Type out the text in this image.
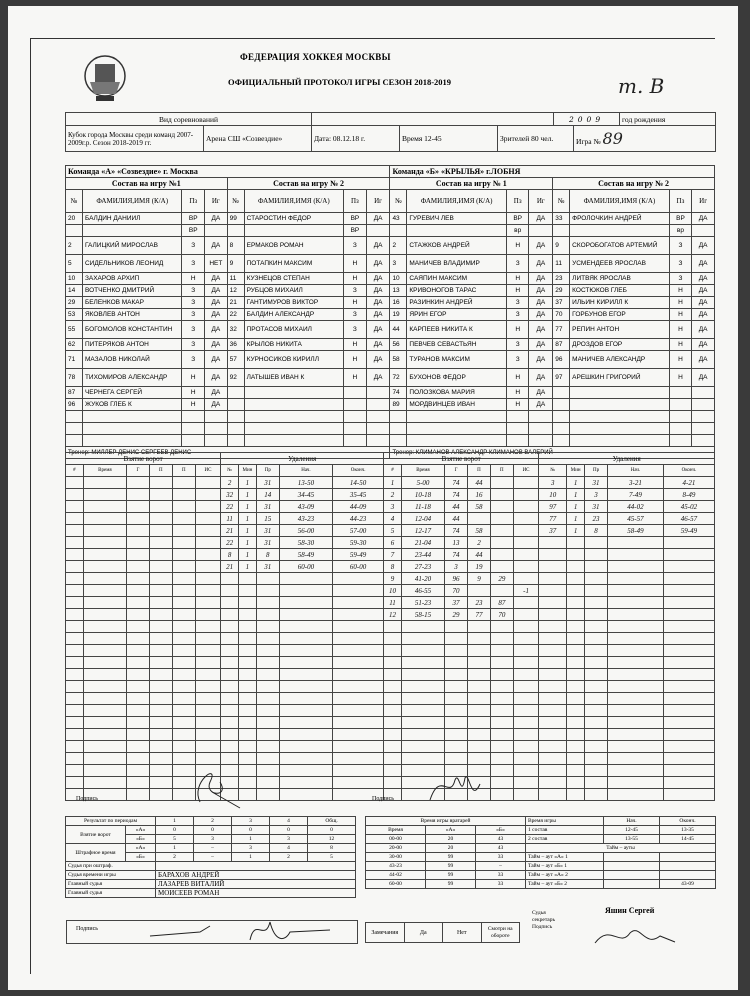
ФЕДЕРАЦИЯ ХОККЕЯ МОСКВЫ
ОФИЦИАЛЬНЫЙ ПРОТОКОЛ ИГРЫ СЕЗОН 2018-2019	т. В
Вид соревнований					2009		год рождения
Кубок города Москвы среди команд 2007-2009г.р. Сезон 2018-2019 гг.	Арена СШ «Созвездие»	Дата: 08.12.18 г.	Время 12-45	Зрителей 80 чел.		Игра № 89	
Команда «А» «Созвездие» г. Москва								Команда «Б» «КРЫЛЬЯ» г.ЛОБНЯ							
Состав на игру №1				Состав на игру № 2				Состав на игру № 1				Состав на игру № 2			
№	ФАМИЛИЯ,ИМЯ (К/А)	Пз	Иг	№	ФАМИЛИЯ,ИМЯ (К/А)	Пз	Иг	№	ФАМИЛИЯ,ИМЯ (К/А)	Пз	Иг	№	ФАМИЛИЯ,ИМЯ (К/А)	Пз	Иг
20	БАЛДИН ДАНИИЛ	ВР	ДА	99	СТАРОСТИН ФЕДОР	ВР	ДА	43	ГУРЕВИЧ ЛЕВ	ВР	ДА	33	ФРОЛОЧКИН АНДРЕЙ	ВР	ДА
		ВР				ВР				вр				вр	
2	ГАЛИЦКИЙ МИРОСЛАВ	З	ДА	8	ЕРМАКОВ РОМАН	З	ДА	2	СТАЖКОВ АНДРЕЙ	Н	ДА	9	СКОРОБОГАТОВ АРТЕМИЙ	З	ДА
5	СИДЕЛЬНИКОВ ЛЕОНИД	З	НЕТ	9	ПОТАПКИН МАКСИМ	Н	ДА	3	МАНИЧЕВ ВЛАДИМИР	З	ДА	11	УСМЕНДЕЕВ ЯРОСЛАВ	З	ДА
10	ЗАХАРОВ АРХИП	Н	ДА	11	КУЗНЕЦОВ СТЕПАН	Н	ДА	10	САЯПИН МАКСИМ	Н	ДА	23	ЛИТВЯК ЯРОСЛАВ	З	ДА
14	ВОТЧЕНКО ДМИТРИЙ	З	ДА	12	РУБЦОВ МИХАИЛ	З	ДА	13	КРИВОНОГОВ ТАРАС	Н	ДА	29	КОСТЮКОВ ГЛЕБ	Н	ДА
29	БЕЛЕНКОВ МАКАР	З	ДА	21	ГАНТИМУРОВ ВИКТОР	Н	ДА	16	РАЗИНКИН АНДРЕЙ	З	ДА	37	ИЛЬИН КИРИЛЛ К	Н	ДА
53	ЯКОВЛЕВ АНТОН	З	ДА	22	БАЛДИН АЛЕКСАНДР	З	ДА	19	ЯРИН ЕГОР	З	ДА	70	ГОРБУНОВ ЕГОР	Н	ДА
55	БОГОМОЛОВ КОНСТАНТИН	З	ДА	32	ПРОТАСОВ МИХАИЛ	З	ДА	44	КАРПЕЕВ НИКИТА К	Н	ДА	77	РЕПИН АНТОН	Н	ДА
62	ПИТЕРЯКОВ АНТОН	З	ДА	36	КРЫЛОВ НИКИТА	Н	ДА	56	ПЕВЧЕВ СЕВАСТЬЯН	З	ДА	87	ДРОЗДОВ ЕГОР	Н	ДА
71	МАЗАЛОВ НИКОЛАЙ	З	ДА	57	КУРНОСИКОВ КИРИЛЛ	Н	ДА	58	ТУРАНОВ МАКСИМ	З	ДА	96	МАНИЧЕВ АЛЕКСАНДР	Н	ДА
78	ТИХОМИРОВ АЛЕКСАНДР	Н	ДА	92	ЛАТЫШЕВ ИВАН К	Н	ДА	72	БУХОНОВ ФЕДОР	Н	ДА	97	АРЕШКИН ГРИГОРИЙ	Н	ДА
87	ЧЕРНЕГА СЕРГЕЙ	Н	ДА					74	ПОЛОЗКОВА МАРИЯ	Н	ДА				
96	ЖУКОВ ГЛЕБ К	Н	ДА					89	МОРДВИНЦЕВ ИВАН	Н	ДА				

Тренер: МИЛЛЕР ДЕНИС СЕРГЕЕВ ДЕНИС								Тренер: КЛИМАНОВ АЛЕКСАНДР КЛИМАНОВ ВАЛЕРИЙ							
Взятие ворот						Удаления					Взятие ворот						Удаления				
#	Время	Г	П	П	ИС	№	Мин	Пр	Нач.	Оконч.	#	Время	Г	П	П	ИС	№	Мин	Пр	Нач.	Оконч.
						2	1	31	13-50	14-50	1	5-00	74	44			3	1	31	3-21	4-21
						32	1	14	34-45	35-45	2	10-18	74	16			10	1	3	7-49	8-49
						22	1	31	43-09	44-09	3	11-18	44	58			97	1	31	44-02	45-02
						11	1	15	43-23	44-23	4	12-04	44				77	1	23	45-57	46-57
						21	1	31	56-00	57-00	5	12-17	74	58			37	1	8	58-49	59-49
						22	1	31	58-30	59-30	6	21-04	13	2							
						8	1	8	58-49	59-49	7	23-44	74	44							
						21	1	31	60-00	60-00	8	27-23	3	19							
											9	41-20	96	9	29						
											10	46-55	70			-1					
											11	51-23	37	23	87						
											12	58-15	29	77	70						

Подпись	Подпись
Результат по периодам		1	2	3	4	Общ.
Взятие ворот	«А»	0	0	0	0	0
	«Б»	5	3	1	3	12
Штрафное время	«А»	1	–	3	4	8
	«Б»	2	–	1	2	5
Судья при оштраф.						
Судья времени игры		БАРАХОВ АНДРЕЙ				
Главный судья		ЛАЗАРЕВ ВИТАЛИЙ				
Главный судья		МОИСЕЕВ РОМАН				
Время игры вратарей		
Время	«А»	«Б»
00-00	20	43
20-00	20	43
30-00	99	33
43-23	99	–
44-02	99	33
60-00	99	33
Время игры	Нач.	Оконч.
1 состав	12-45	13-35
2 состав	13-55	14-45
Тайм – ауты		
Тайм – аут «А» 1		
Тайм – аут «Б» 1		
Тайм – аут «А» 2		
Тайм – аут «Б» 2		43-09
Судья секретарь Подпись
Яшин Сергей
Подпись
Замечания	Да	Нет	Смотри на обороте
